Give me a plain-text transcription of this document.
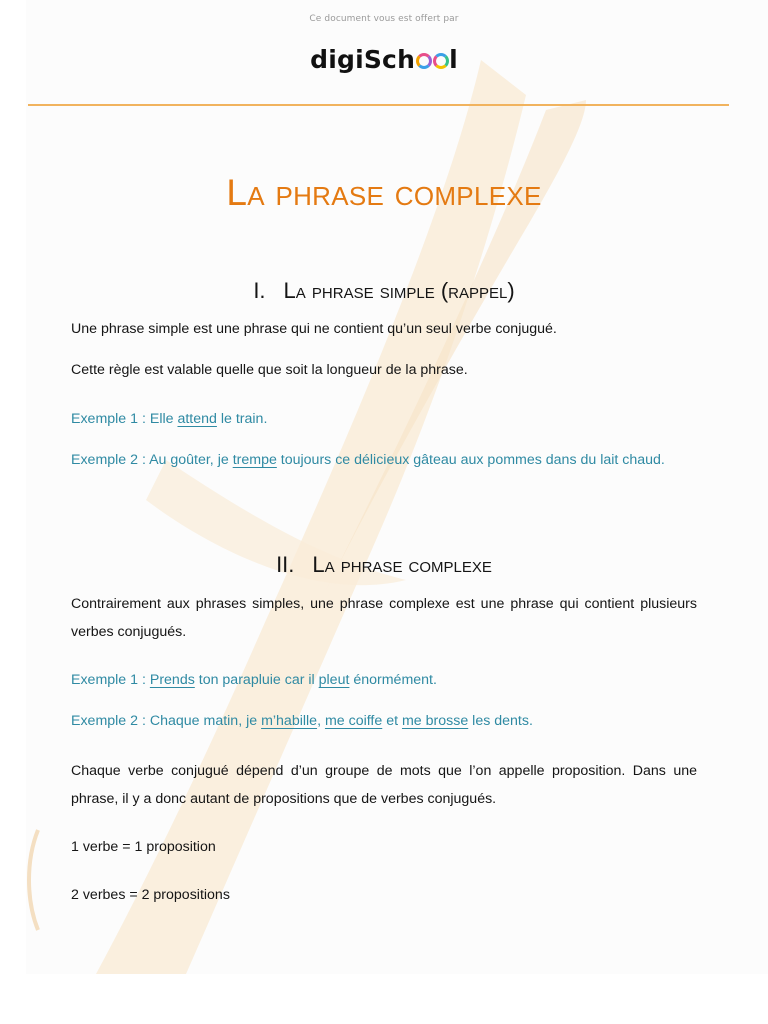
Ce document vous est offert par
digiSch l
La phrase complexe
I. La phrase simple (rappel)
Une phrase simple est une phrase qui ne contient qu’un seul verbe conjugué.
Cette règle est valable quelle que soit la longueur de la phrase.
Exemple 1 : Elle attend le train.
Exemple 2 : Au goûter, je trempe toujours ce délicieux gâteau aux pommes dans du lait chaud.
II. La phrase complexe
Contrairement aux phrases simples, une phrase complexe est une phrase qui contient plusieurs verbes conjugués.
Exemple 1 : Prends ton parapluie car il pleut énormément.
Exemple 2 : Chaque matin, je m’habille, me coiffe et me brosse les dents.
Chaque verbe conjugué dépend d’un groupe de mots que l’on appelle proposition. Dans une phrase, il y a donc autant de propositions que de verbes conjugués.
1 verbe = 1 proposition
2 verbes = 2 propositions
